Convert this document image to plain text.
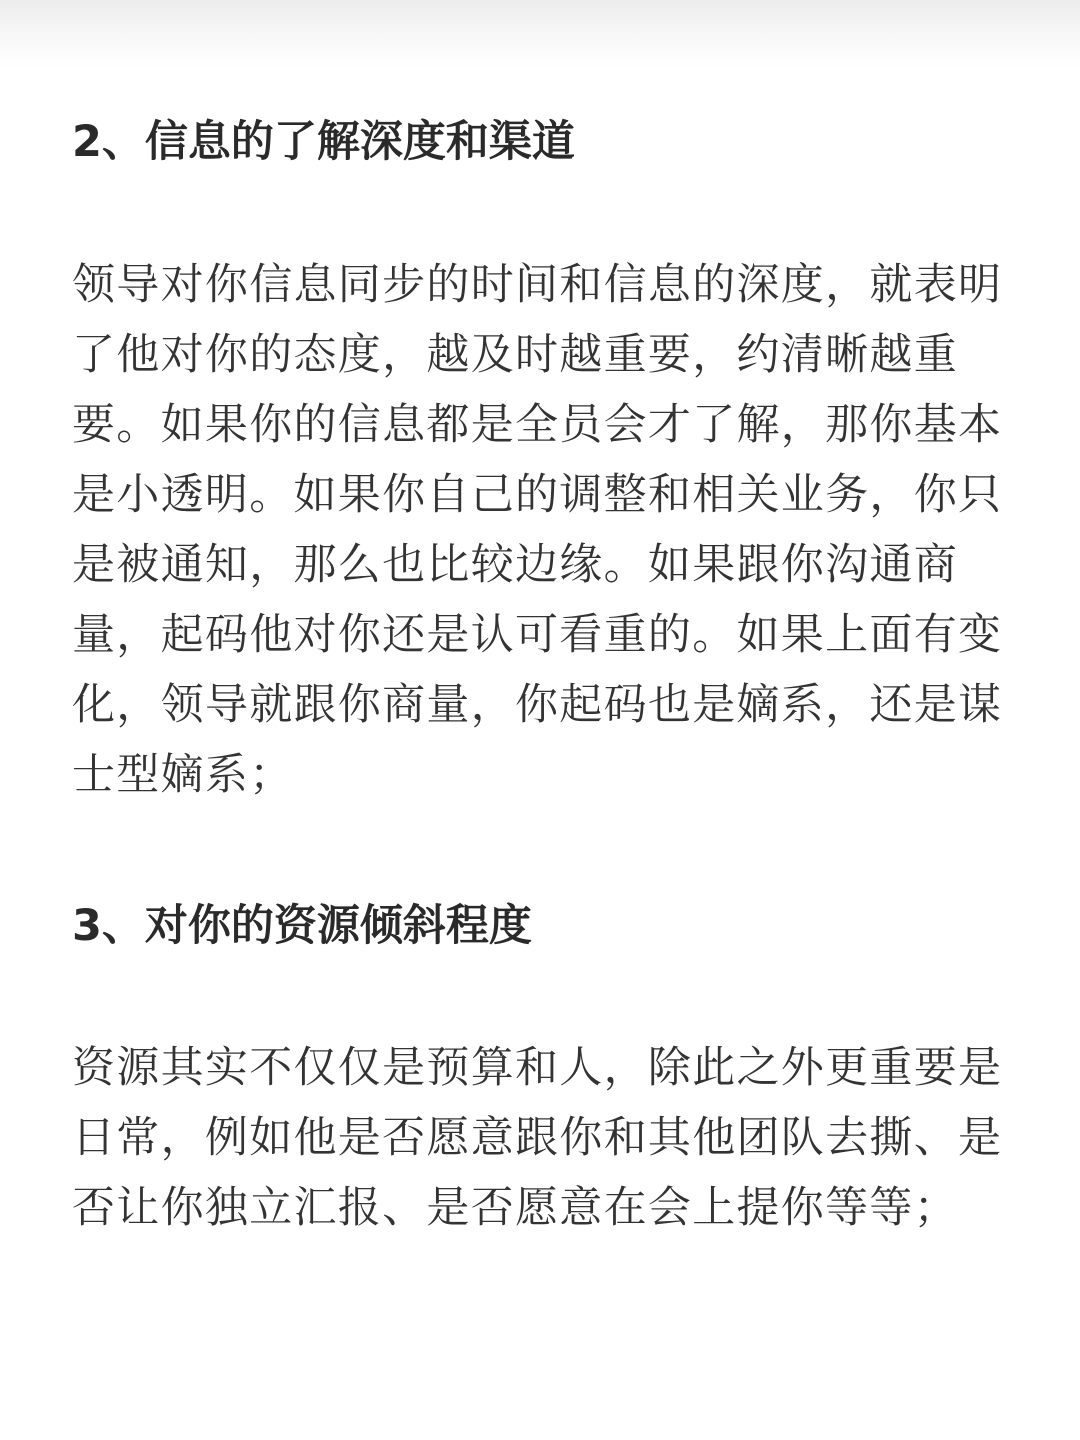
2、信息的了解深度和渠道

领导对你信息同步的时间和信息的深度，就表明了他对你的态度，越及时越重要，约清晰越重要。如果你的信息都是全员会才了解，那你基本是小透明。如果你自己的调整和相关业务，你只是被通知，那么也比较边缘。如果跟你沟通商量，起码他对你还是认可看重的。如果上面有变化，领导就跟你商量，你起码也是嫡系，还是谋士型嫡系；

3、对你的资源倾斜程度

资源其实不仅仅是预算和人，除此之外更重要是日常，例如他是否愿意跟你和其他团队去撕、是否让你独立汇报、是否愿意在会上提你等等；
